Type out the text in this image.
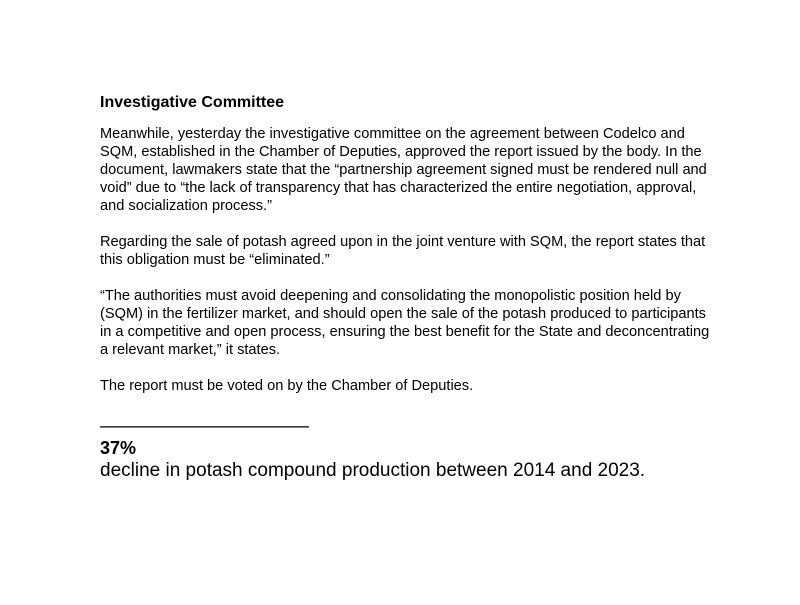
Investigative Committee

Meanwhile, yesterday the investigative committee on the agreement between Codelco and SQM, established in the Chamber of Deputies, approved the report issued by the body. In the document, lawmakers state that the “partnership agreement signed must be rendered null and void” due to “the lack of transparency that has characterized the entire negotiation, approval, and socialization process.”

Regarding the sale of potash agreed upon in the joint venture with SQM, the report states that this obligation must be “eliminated.”

“The authorities must avoid deepening and consolidating the monopolistic position held by (SQM) in the fertilizer market, and should open the sale of the potash produced to participants in a competitive and open process, ensuring the best benefit for the State and deconcentrating a relevant market,” it states.

The report must be voted on by the Chamber of Deputies.

———————————
37%
decline in potash compound production between 2014 and 2023.
